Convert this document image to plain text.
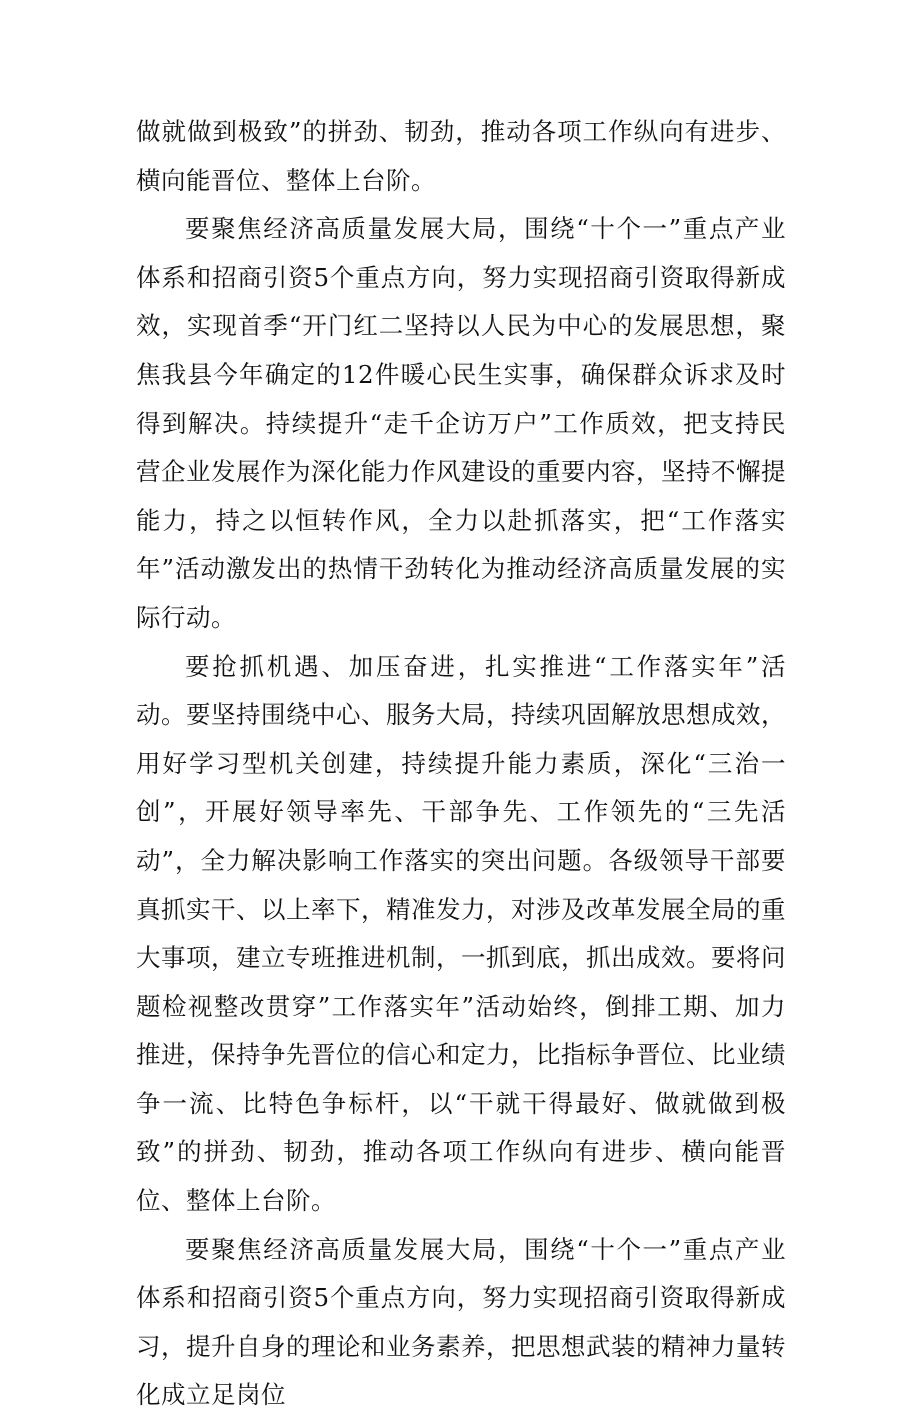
做就做到极致”的拼劲、韧劲，推动各项工作纵向有进步、横向能晋位、整体上台阶。

要聚焦经济高质量发展大局，围绕“十个一”重点产业体系和招商引资5个重点方向，努力实现招商引资取得新成效，实现首季“开门红二坚持以人民为中心的发展思想，聚焦我县今年确定的12件暖心民生实事，确保群众诉求及时得到解决。持续提升“走千企访万户”工作质效，把支持民营企业发展作为深化能力作风建设的重要内容，坚持不懈提能力，持之以恒转作风，全力以赴抓落实，把“工作落实年”活动激发出的热情干劲转化为推动经济高质量发展的实际行动。

要抢抓机遇、加压奋进，扎实推进“工作落实年”活动。要坚持围绕中心、服务大局，持续巩固解放思想成效，用好学习型机关创建，持续提升能力素质，深化“三治一创”，开展好领导率先、干部争先、工作领先的“三先活动”，全力解决影响工作落实的突出问题。各级领导干部要真抓实干、以上率下，精准发力，对涉及改革发展全局的重大事项，建立专班推进机制，一抓到底，抓出成效。要将问题检视整改贯穿”工作落实年”活动始终，倒排工期、加力推进，保持争先晋位的信心和定力，比指标争晋位、比业绩争一流、比特色争标杆，以“干就干得最好、做就做到极致”的拼劲、韧劲，推动各项工作纵向有进步、横向能晋位、整体上台阶。

要聚焦经济高质量发展大局，围绕“十个一”重点产业体系和招商引资5个重点方向，努力实现招商引资取得新成习，提升自身的理论和业务素养，把思想武装的精神力量转化成立足岗位
